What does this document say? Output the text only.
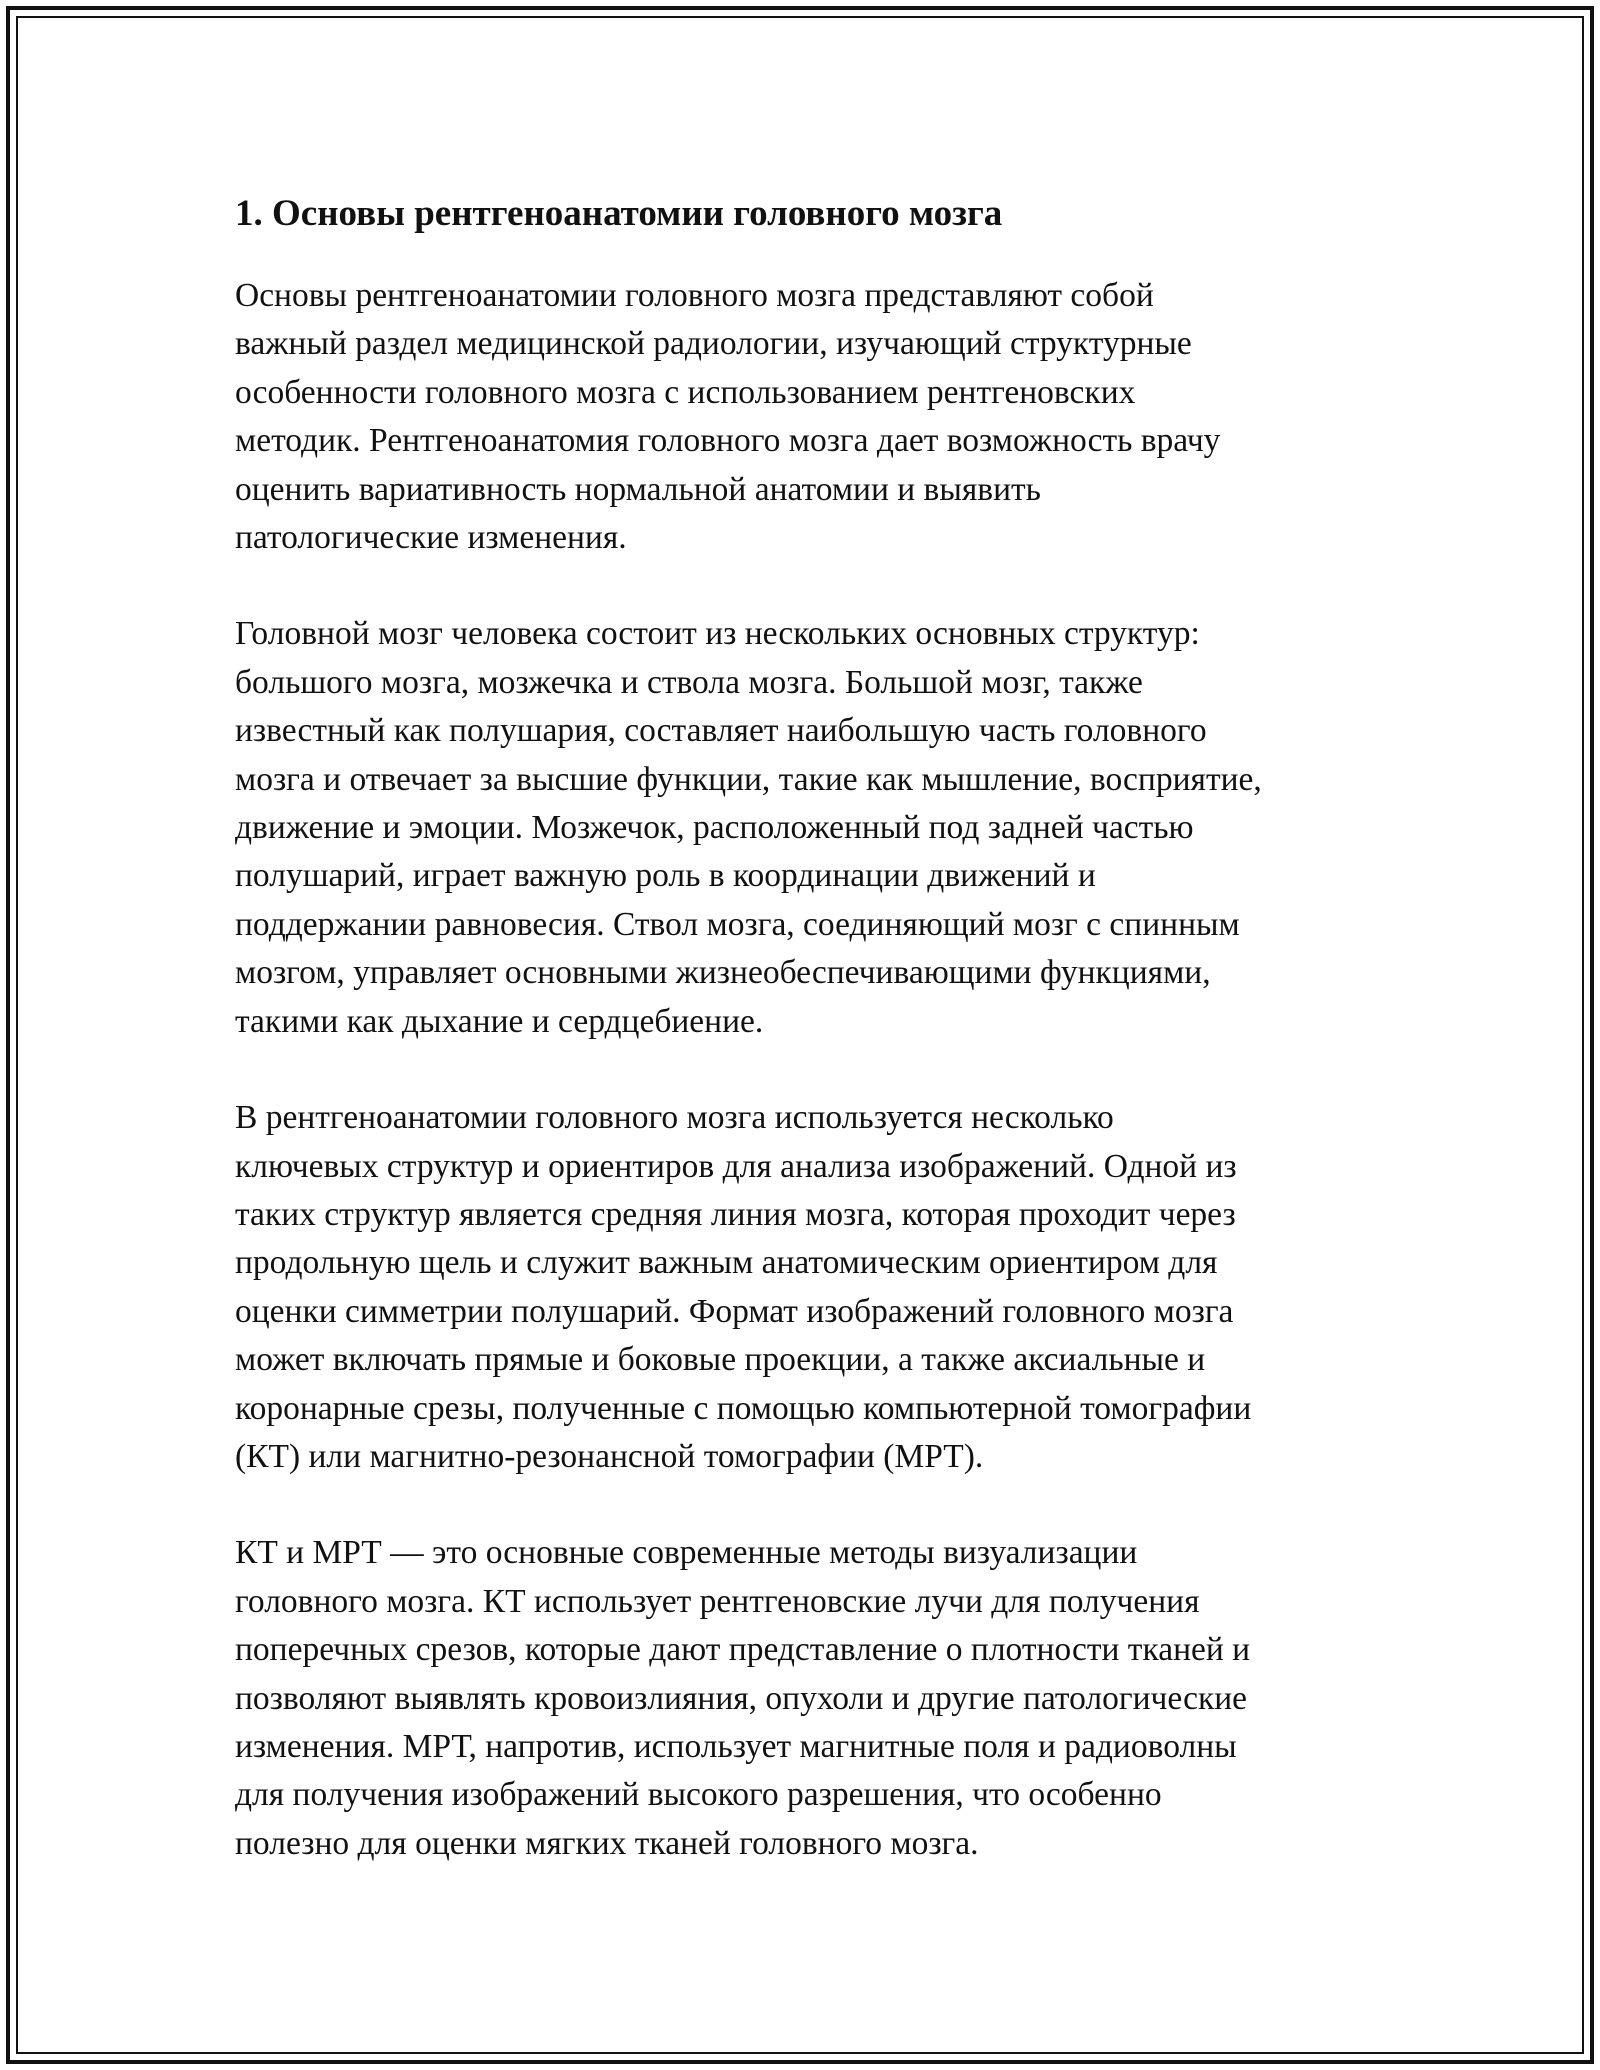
1. Основы рентгеноанатомии головного мозга

Основы рентгеноанатомии головного мозга представляют собой
важный раздел медицинской радиологии, изучающий структурные
особенности головного мозга с использованием рентгеновских
методик. Рентгеноанатомия головного мозга дает возможность врачу
оценить вариативность нормальной анатомии и выявить
патологические изменения.

Головной мозг человека состоит из нескольких основных структур:
большого мозга, мозжечка и ствола мозга. Большой мозг, также
известный как полушария, составляет наибольшую часть головного
мозга и отвечает за высшие функции, такие как мышление, восприятие,
движение и эмоции. Мозжечок, расположенный под задней частью
полушарий, играет важную роль в координации движений и
поддержании равновесия. Ствол мозга, соединяющий мозг с спинным
мозгом, управляет основными жизнеобеспечивающими функциями,
такими как дыхание и сердцебиение.

В рентгеноанатомии головного мозга используется несколько
ключевых структур и ориентиров для анализа изображений. Одной из
таких структур является средняя линия мозга, которая проходит через
продольную щель и служит важным анатомическим ориентиром для
оценки симметрии полушарий. Формат изображений головного мозга
может включать прямые и боковые проекции, а также аксиальные и
коронарные срезы, полученные с помощью компьютерной томографии
(КТ) или магнитно-резонансной томографии (МРТ).

КТ и МРТ — это основные современные методы визуализации
головного мозга. КТ использует рентгеновские лучи для получения
поперечных срезов, которые дают представление о плотности тканей и
позволяют выявлять кровоизлияния, опухоли и другие патологические
изменения. МРТ, напротив, использует магнитные поля и радиоволны
для получения изображений высокого разрешения, что особенно
полезно для оценки мягких тканей головного мозга.
